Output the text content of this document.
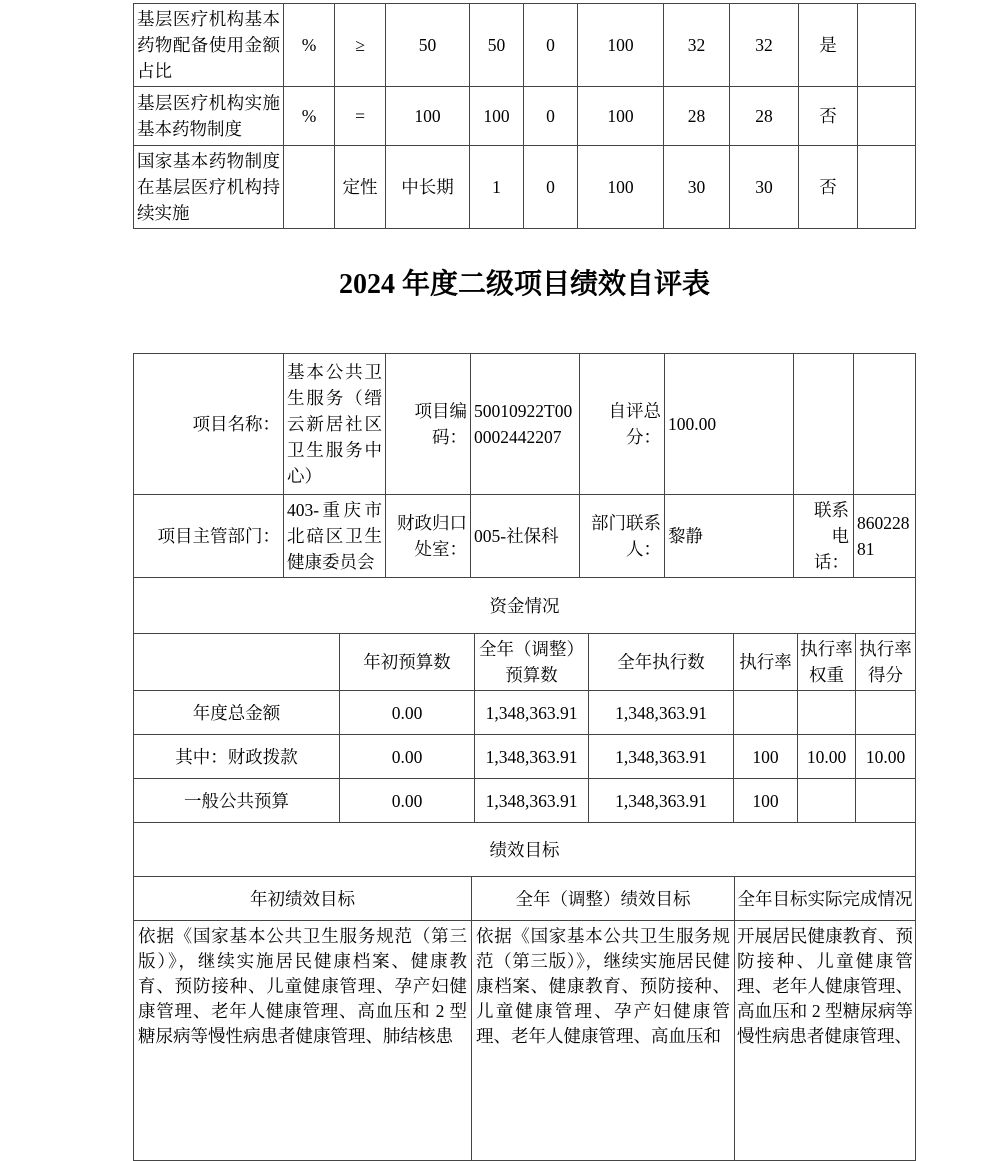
基层医疗机构基本药物配备使用金额占比	%	≥	50	50	0	100	32	32	是	
基层医疗机构实施基本药物制度	%	=	100	100	0	100	28	28	否	
国家基本药物制度在基层医疗机构持续实施		定性	中长期	1	0	100	30	30	否	
2024 年度二级项目绩效自评表
项目名称：	基本公共卫生服务（缙云新居社区卫生服务中心）	项目编码：	50010922T000002442207	自评总分：	100.00		
项目主管部门：	403-重庆市北碚区卫生健康委员会	财政归口处室：	005-社保科	部门联系人：	黎静	联系电话：	86022881
资金情况						
	年初预算数	全年（调整）预算数	全年执行数	执行率	执行率权重	执行率得分
年度总金额	0.00	1,348,363.91	1,348,363.91			
其中：财政拨款	0.00	1,348,363.91	1,348,363.91	100	10.00	10.00
一般公共预算	0.00	1,348,363.91	1,348,363.91	100		
绩效目标		
年初绩效目标	全年（调整）绩效目标	全年目标实际完成情况
依据《国家基本公共卫生服务规范（第三版）》，继续实施居民健康档案、健康教育、预防接种、儿童健康管理、孕产妇健康管理、老年人健康管理、高血压和 2 型糖尿病等慢性病患者健康管理、肺结核患	依据《国家基本公共卫生服务规范（第三版）》，继续实施居民健康档案、健康教育、预防接种、儿童健康管理、孕产妇健康管理、老年人健康管理、高血压和	开展居民健康教育、预防接种、儿童健康管理、老年人健康管理、高血压和 2 型糖尿病等慢性病患者健康管理、
